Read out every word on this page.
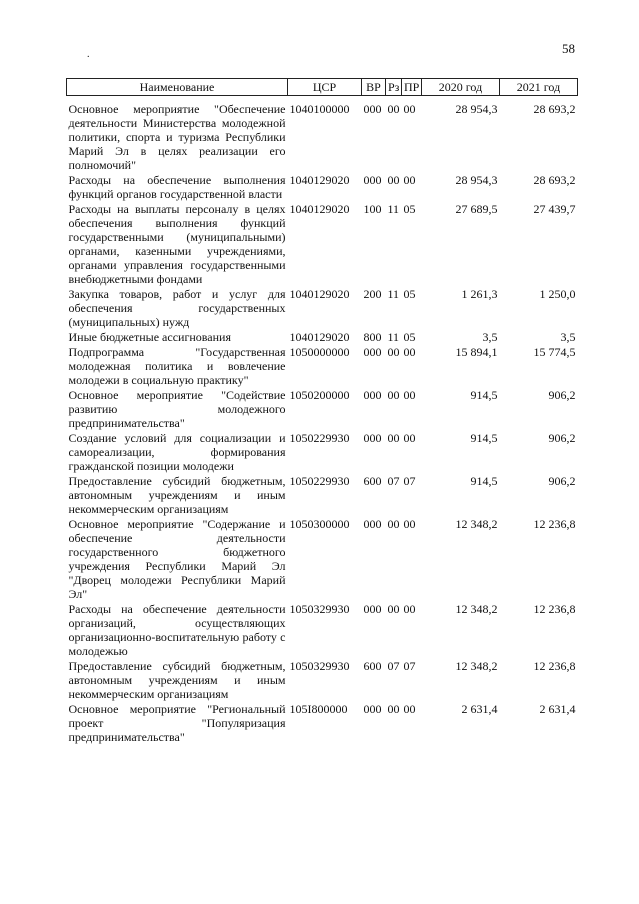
58
.
Наименование	ЦСР	ВР	Рз	ПР	2020 год	2021 год
Основное мероприятие "Обеспечение деятельности Министерства молодежной политики, спорта и туризма Республики Марий Эл в целях реализации его полномочий"	1040100000	000	00	00	28 954,3	28 693,2
Расходы на обеспечение выполнения функций органов государственной власти	1040129020	000	00	00	28 954,3	28 693,2
Расходы на выплаты персоналу в целях обеспечения выполнения функций государственными (муниципальными) органами, казенными учреждениями, органами управления государственными внебюджетными фондами	1040129020	100	11	05	27 689,5	27 439,7
Закупка товаров, работ и услуг для обеспечения государственных (муниципальных) нужд	1040129020	200	11	05	1 261,3	1 250,0
Иные бюджетные ассигнования	1040129020	800	11	05	3,5	3,5
Подпрограмма "Государственная молодежная политика и вовлечение молодежи в социальную практику"	1050000000	000	00	00	15 894,1	15 774,5
Основное мероприятие "Содействие развитию молодежного предпринимательства"	1050200000	000	00	00	914,5	906,2
Создание условий для социализации и самореализации, формирования гражданской позиции молодежи	1050229930	000	00	00	914,5	906,2
Предоставление субсидий бюджетным, автономным учреждениям и иным некоммерческим организациям	1050229930	600	07	07	914,5	906,2
Основное мероприятие "Содержание и обеспечение деятельности государственного бюджетного учреждения Республики Марий Эл "Дворец молодежи Республики Марий Эл"	1050300000	000	00	00	12 348,2	12 236,8
Расходы на обеспечение деятельности организаций, осуществляющих организационно-воспитательную работу с молодежью	1050329930	000	00	00	12 348,2	12 236,8
Предоставление субсидий бюджетным, автономным учреждениям и иным некоммерческим организациям	1050329930	600	07	07	12 348,2	12 236,8
Основное мероприятие "Региональный проект "Популяризация предпринимательства"	105I800000	000	00	00	2 631,4	2 631,4
